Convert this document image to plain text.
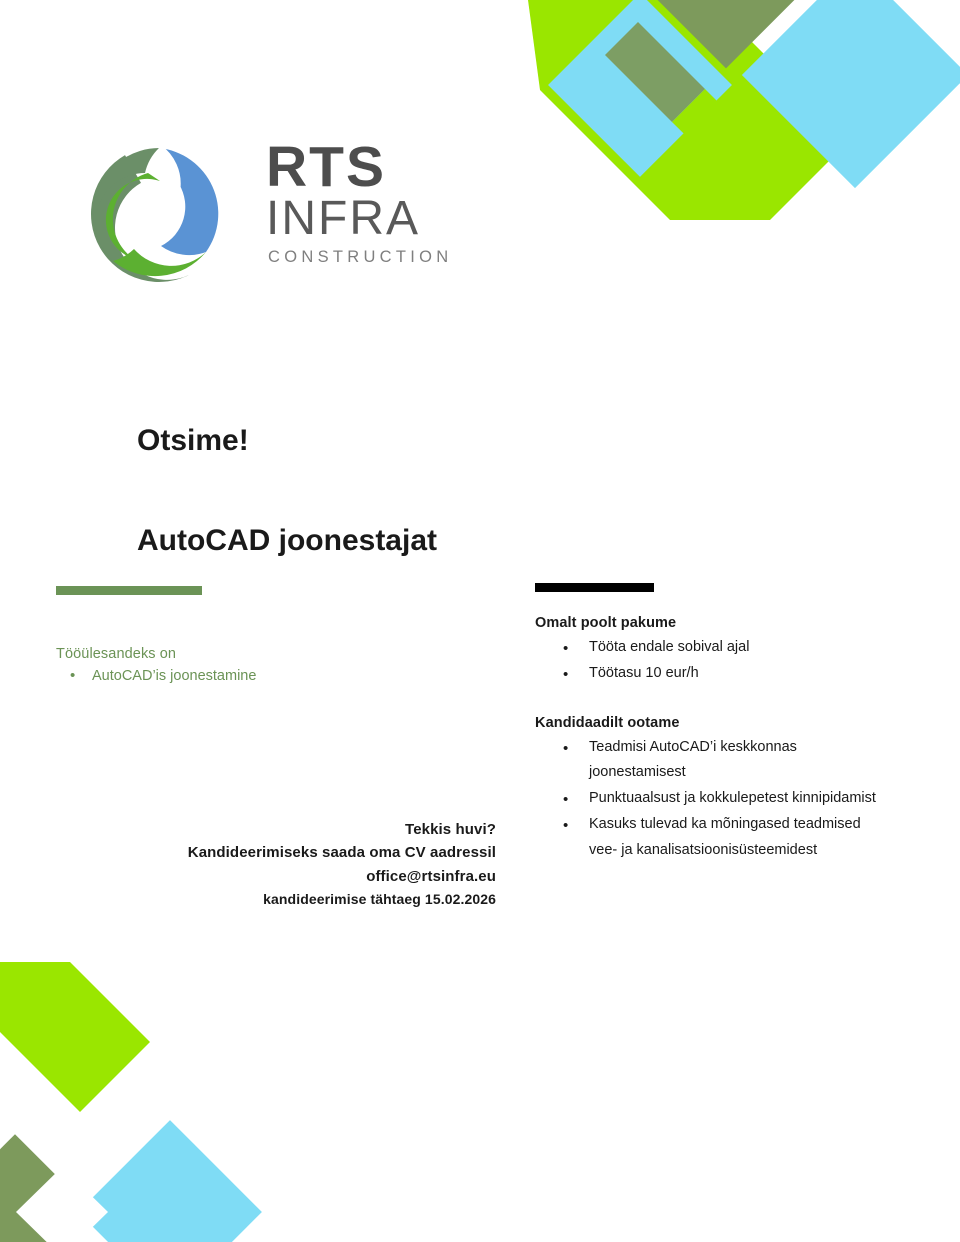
RTS
INFRA
CONSTRUCTION
Otsime!
AutoCAD joonestajat
Tööülesandeks on
• AutoCAD’is joonestamine
Tekkis huvi?
Kandideerimiseks saada oma CV aadressil
office@rtsinfra.eu
kandideerimise tähtaeg 15.02.2026
Omalt poolt pakume
• Tööta endale sobival ajal
• Töötasu 10 eur/h
Kandidaadilt ootame
• Teadmisi AutoCAD’i keskkonnas joonestamisest
• Punktuaalsust ja kokkulepetest kinnipidamist
• Kasuks tulevad ka mõningased teadmised vee- ja kanalisatsioonisüsteemidest
